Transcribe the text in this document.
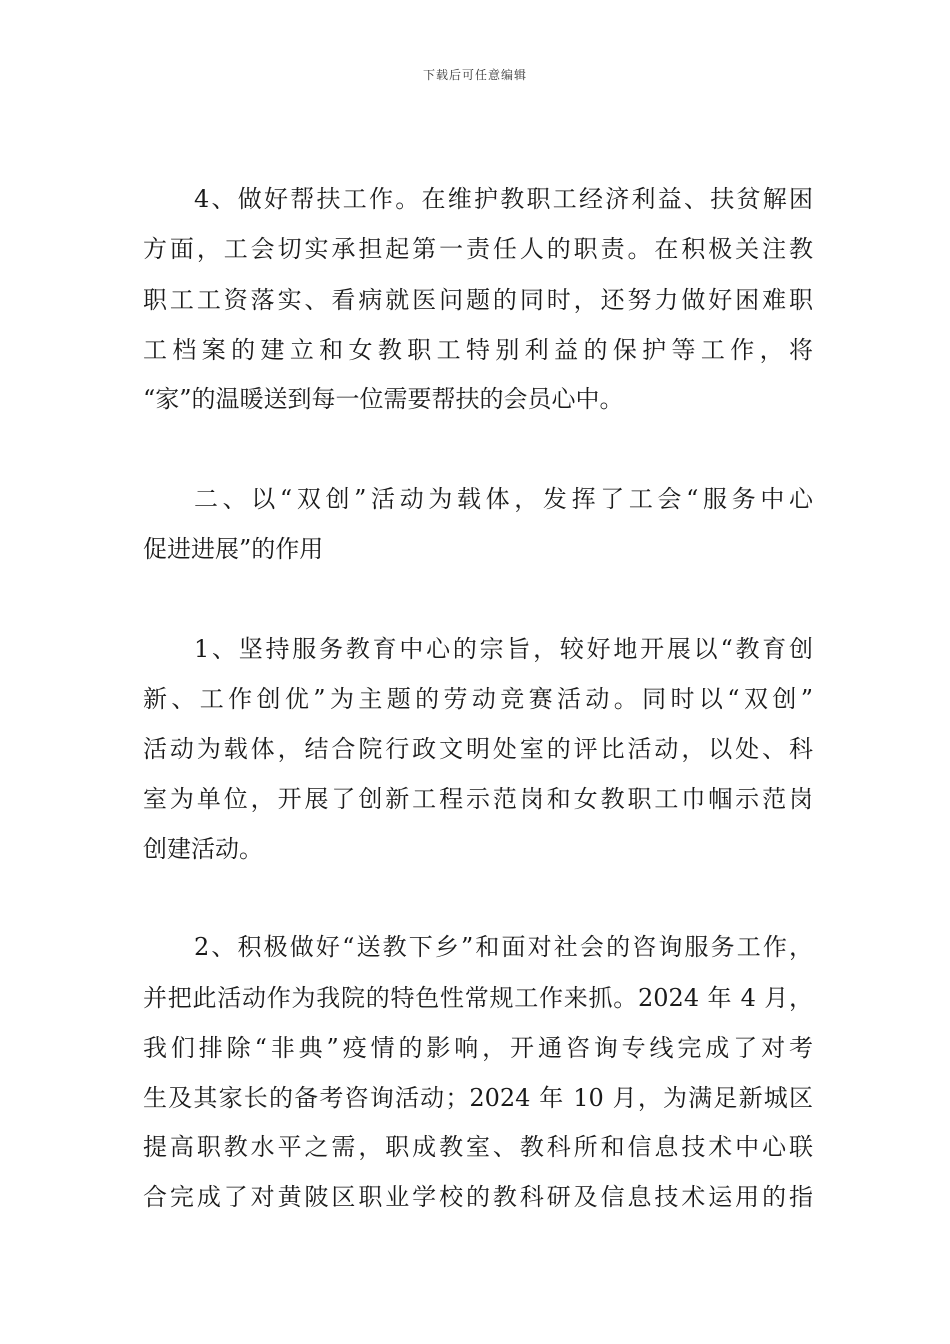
下载后可任意编辑
4、做好帮扶工作。在维护教职工经济利益、扶贫解困
方面，工会切实承担起第一责任人的职责。在积极关注教
职工工资落实、看病就医问题的同时，还努力做好困难职
工档案的建立和女教职工特别利益的保护等工作，将
“家”的温暖送到每一位需要帮扶的会员心中。
二、以“双创”活动为载体，发挥了工会“服务中心
促进进展”的作用
1、坚持服务教育中心的宗旨，较好地开展以“教育创
新、工作创优”为主题的劳动竞赛活动。同时以“双创”
活动为载体，结合院行政文明处室的评比活动，以处、科
室为单位，开展了创新工程示范岗和女教职工巾帼示范岗
创建活动。
2、积极做好“送教下乡”和面对社会的咨询服务工作，
并把此活动作为我院的特色性常规工作来抓。2024 年 4 月，
我们排除“非典”疫情的影响，开通咨询专线完成了对考
生及其家长的备考咨询活动；2024 年 10 月，为满足新城区
提高职教水平之需，职成教室、教科所和信息技术中心联
合完成了对黄陂区职业学校的教科研及信息技术运用的指
